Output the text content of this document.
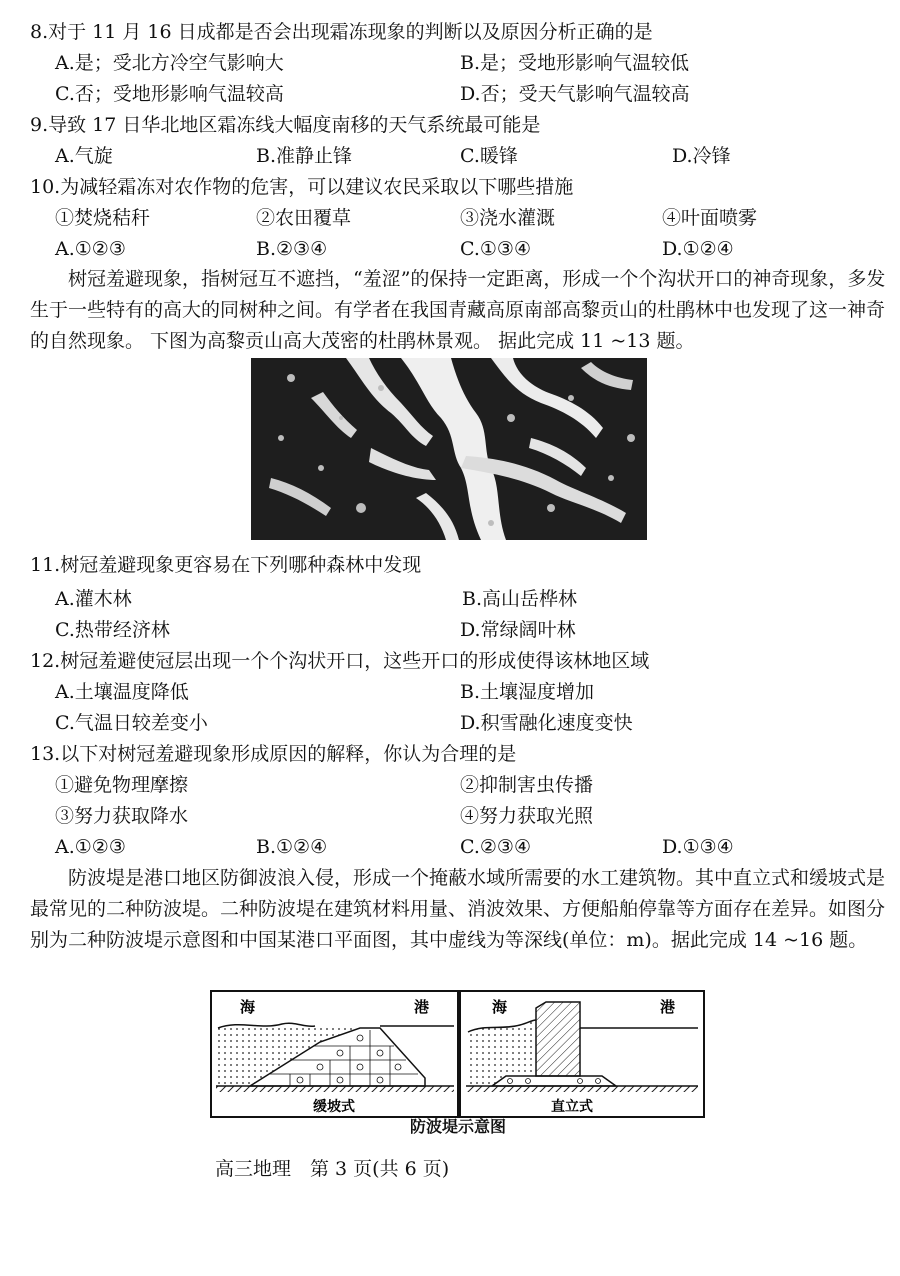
8.对于 11 月 16 日成都是否会出现霜冻现象的判断以及原因分析正确的是
A.是；受北方冷空气影响大	B.是；受地形影响气温较低
C.否；受地形影响气温较高	D.否；受天气影响气温较高
9.导致 17 日华北地区霜冻线大幅度南移的天气系统最可能是
A.气旋	B.准静止锋	C.暖锋	D.冷锋
10.为减轻霜冻对农作物的危害，可以建议农民采取以下哪些措施
①焚烧秸秆	②农田覆草	③浇水灌溉	④叶面喷雾
A.①②③	B.②③④	C.①③④	D.①②④
树冠羞避现象，指树冠互不遮挡，“羞涩”的保持一定距离，形成一个个沟状开口的神奇现象，多发生于一些特有的高大的同树种之间。有学者在我国青藏高原南部高黎贡山的杜鹃林中也发现了这一神奇的自然现象。 下图为高黎贡山高大茂密的杜鹃林景观。 据此完成 11 ~13 题。
11.树冠羞避现象更容易在下列哪种森林中发现
A.灌木林	B.高山岳桦林
C.热带经济林	D.常绿阔叶林
12.树冠羞避使冠层出现一个个沟状开口，这些开口的形成使得该林地区域
A.土壤温度降低	B.土壤湿度增加
C.气温日较差变小	D.积雪融化速度变快
13.以下对树冠羞避现象形成原因的解释，你认为合理的是
①避免物理摩擦	②抑制害虫传播
③努力获取降水	④努力获取光照
A.①②③	B.①②④	C.②③④	D.①③④
防波堤是港口地区防御波浪入侵，形成一个掩蔽水域所需要的水工建筑物。其中直立式和缓坡式是最常见的二种防波堤。二种防波堤在建筑材料用量、消波效果、方便船舶停靠等方面存在差异。如图分别为二种防波堤示意图和中国某港口平面图，其中虚线为等深线(单位：m)。据此完成 14 ~16 题。
海	港
缓坡式
海	港
直立式
防波堤示意图
高三地理　第 3 页(共 6 页)
